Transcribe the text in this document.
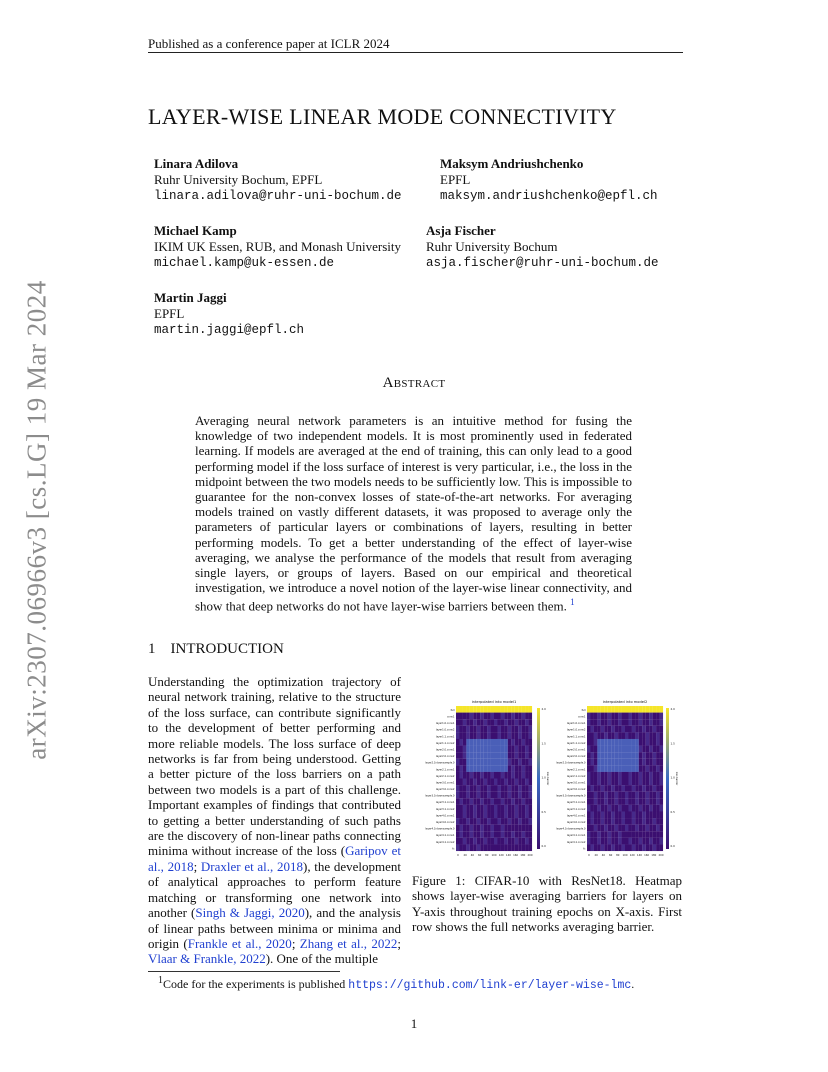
Published as a conference paper at ICLR 2024
arXiv:2307.06966v3 [cs.LG] 19 Mar 2024
LAYER-WISE LINEAR MODE CONNECTIVITY
Linara Adilova
Ruhr University Bochum, EPFL
linara.adilova@ruhr-uni-bochum.de
Maksym Andriushchenko
EPFL
maksym.andriushchenko@epfl.ch
Michael Kamp
IKIM UK Essen, RUB, and Monash University
michael.kamp@uk-essen.de
Asja Fischer
Ruhr University Bochum
asja.fischer@ruhr-uni-bochum.de
Martin Jaggi
EPFL
martin.jaggi@epfl.ch
Abstract
Averaging neural network parameters is an intuitive method for fusing the knowledge of two independent models. It is most prominently used in federated learning. If models are averaged at the end of training, this can only lead to a good performing model if the loss surface of interest is very particular, i.e., the loss in the midpoint between the two models needs to be sufficiently low. This is impossible to guarantee for the non-convex losses of state-of-the-art networks. For averaging models trained on vastly different datasets, it was proposed to average only the parameters of particular layers or combinations of layers, resulting in better performing models. To get a better understanding of the effect of layer-wise averaging, we analyse the performance of the models that result from averaging single layers, or groups of layers. Based on our empirical and theoretical investigation, we introduce a novel notion of the layer-wise linear connectivity, and show that deep networks do not have layer-wise barriers between them. $^1$
1 INTRODUCTION
Understanding the optimization trajectory of neural network training, relative to the structure of the loss surface, can contribute significantly to the development of better performing and more reliable models. The loss surface of deep networks is far from being understood. Getting a better picture of the loss barriers on a path between two models is a part of this challenge. Important examples of findings that contributed to getting a better understanding of such paths are the discovery of non-linear paths connecting minima without increase of the loss (Garipov et al., 2018; Draxler et al., 2018), the development of analytical approaches to perform feature matching or transforming one network into another (Singh & Jaggi, 2020), and the analysis of linear paths between minima or minima and origin (Frankle et al., 2020; Zhang et al., 2022; Vlaar & Frankle, 2022). One of the multiple
interpolated into model1
full
conv1
layer1.0.conv1
layer1.0.conv2
layer1.1.conv1
layer1.1.conv2
layer2.0.conv1
layer2.0.conv2
layer2.0.downsample.0
layer2.1.conv1
layer2.1.conv2
layer3.0.conv1
layer3.0.conv2
layer3.0.downsample.0
layer3.1.conv1
layer3.1.conv2
layer4.0.conv1
layer4.0.conv2
layer4.0.downsample.0
layer4.1.conv1
layer4.1.conv2
fc
0 20 40 60 80 100 120 140 160 180 200
2.0
1.5
1.0
0.5
0.0
loss barrier
interpolated into model2
full
conv1
layer1.0.conv1
layer1.0.conv2
layer1.1.conv1
layer1.1.conv2
layer2.0.conv1
layer2.0.conv2
layer2.0.downsample.0
layer2.1.conv1
layer2.1.conv2
layer3.0.conv1
layer3.0.conv2
layer3.0.downsample.0
layer3.1.conv1
layer3.1.conv2
layer4.0.conv1
layer4.0.conv2
layer4.0.downsample.0
layer4.1.conv1
layer4.1.conv2
fc
0 20 40 60 80 100 120 140 160 180 200
2.0
1.5
1.0
0.5
0.0
loss barrier
Figure 1: CIFAR-10 with ResNet18. Heatmap shows layer-wise averaging barriers for layers on Y-axis throughout training epochs on X-axis. First row shows the full networks averaging barrier.
$^1$Code for the experiments is published https://github.com/link-er/layer-wise-lmc.
1
